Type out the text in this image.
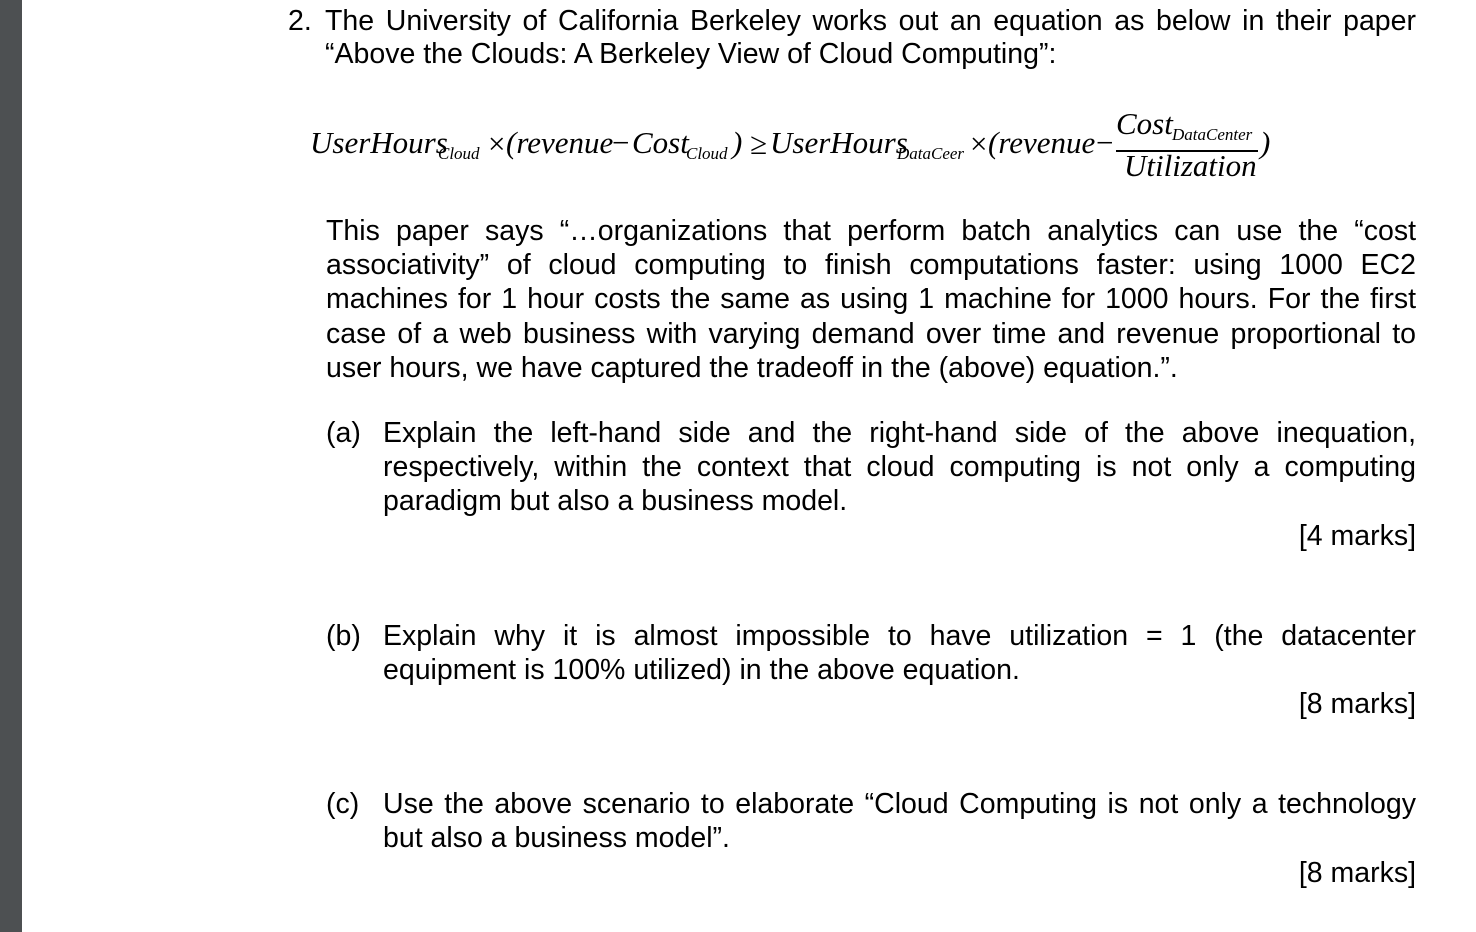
2. The University of California Berkeley works out an equation as below in their paper
“Above the Clouds: A Berkeley View of Cloud Computing”:
UserHours
Cloud × (revenue
− Cost
Cloud ) ≥ UserHours
DataCeer × (revenue −
Cost DataCenter
Utilization
)
This paper says “…organizations that perform batch analytics can use the “cost associativity” of cloud computing to finish computations faster: using 1000 EC2 machines for 1 hour costs the same as using 1 machine for 1000 hours. For the first case of a web business with varying demand over time and revenue proportional to user hours, we have captured the tradeoff in the (above) equation.”.
(a) Explain the left-hand side and the right-hand side of the above inequation, respectively, within the context that cloud computing is not only a computing paradigm but also a business model.
[4 marks]
(b) Explain why it is almost impossible to have utilization = 1 (the datacenter equipment is 100% utilized) in the above equation.
[8 marks]
(c) Use the above scenario to elaborate “Cloud Computing is not only a technology but also a business model”.
[8 marks]
